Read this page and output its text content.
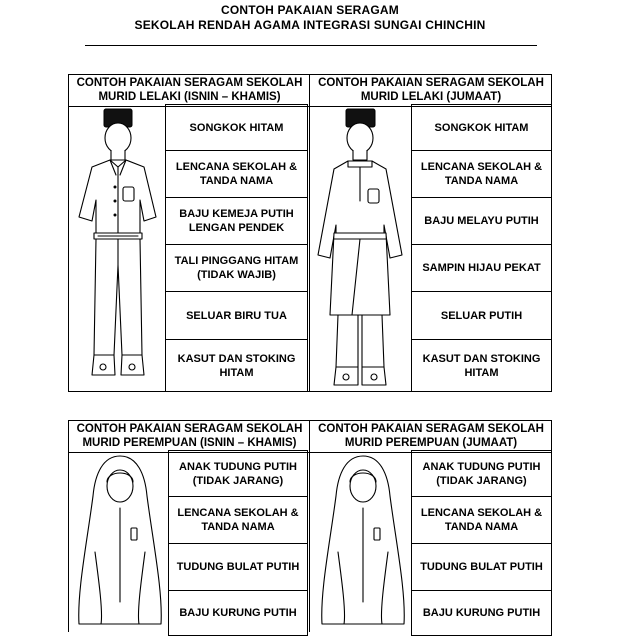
CONTOH PAKAIAN SERAGAM
SEKOLAH RENDAH AGAMA INTEGRASI SUNGAI CHINCHIN
CONTOH PAKAIAN SERAGAM SEKOLAH
MURID LELAKI (ISNIN – KHAMIS)
CONTOH PAKAIAN SERAGAM SEKOLAH
MURID LELAKI (JUMAAT)
SONGKOK HITAM
LENCANA SEKOLAH & TANDA NAMA
BAJU KEMEJA PUTIH LENGAN PENDEK
TALI PINGGANG HITAM (TIDAK WAJIB)
SELUAR BIRU TUA
KASUT DAN STOKING HITAM
SONGKOK HITAM
LENCANA SEKOLAH & TANDA NAMA
BAJU MELAYU PUTIH
SAMPIN HIJAU PEKAT
SELUAR PUTIH
KASUT DAN STOKING HITAM
CONTOH PAKAIAN SERAGAM SEKOLAH
MURID PEREMPUAN (ISNIN – KHAMIS)
CONTOH PAKAIAN SERAGAM SEKOLAH
MURID PEREMPUAN (JUMAAT)
ANAK TUDUNG PUTIH (TIDAK JARANG)
LENCANA SEKOLAH & TANDA NAMA
TUDUNG BULAT PUTIH
BAJU KURUNG PUTIH
ANAK TUDUNG PUTIH (TIDAK JARANG)
LENCANA SEKOLAH & TANDA NAMA
TUDUNG BULAT PUTIH
BAJU KURUNG PUTIH
